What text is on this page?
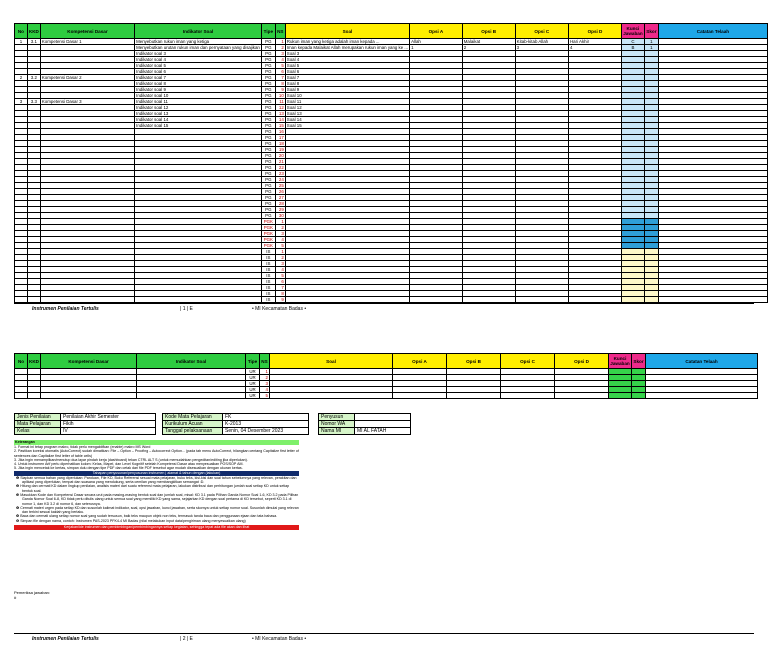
No	KKD	Kompetensi Dasar	Indikator Soal	Tipe	NS	Soal	Opsi A	Opsi B	Opsi C	Opsi D	Kunci Jawaban	Skor	Catatan Telaah
1	3.1	Kompetensi Dasar 1	Menyebutkan rukun iman yang ketiga	PG	1	Rukun iman yang ketiga adalah iman kepada ...	Allah	Malaikat	Kitab-kitab Allah	Hari Akhir	C	1	
			Menyebutkan urutan rukun iman dan pernyataan yang disajikan	PG	2	Iman kepada Malaikat Allah merupakan rukun iman yang ke ...	1	2	3	4	B	1	
			Indikator soal 3	PG	3	Soal 3							
			Indikator soal 4	PG	4	Soal 4							
			Indikator soal 5	PG	5	Soal 5							
			Indikator soal 6	PG	6	Soal 6							
2	3.2	Kompetensi Dasar 2	Indikator soal 7	PG	7	Soal 7							
			Indikator soal 8	PG	8	Soal 8							
			Indikator soal 9	PG	9	Soal 9							
			Indikator soal 10	PG	10	Soal 10							
3	3.3	Kompetensi Dasar 3	Indikator soal 11	PG	11	Soal 11							
			Indikator soal 12	PG	12	Soal 12							
			Indikator soal 13	PG	13	Soal 13							
			Indikator soal 14	PG	14	Soal 14							
			Indikator soal 15	PG	15	Soal 15							
				PG	16								
				PG	17								
				PG	18								
				PG	19								
				PG	20								
				PG	21								
				PG	22								
				PG	23								
				PG	24								
				PG	25								
				PG	26								
				PG	27								
				PG	28								
				PG	29								
				PG	30								
				PGK	1								
				PGK	2								
				PGK	3								
				PGK	4								
				PGK	5								
				IS	1								
				IS	2								
				IS	3								
				IS	4								
				IS	5								
				IS	6								
				IS	7								
				IS	8								
				IS	9								
Instrumen Penilaian Tertulis	| 1 | E	• MI Kecamatan Badas •
No	KKD	Kompetensi Dasar	Indikator Soal	Tipe	NS	Soal	Opsi A	Opsi B	Opsi C	Opsi D	Kunci Jawaban	Skor	Catatan Telaah
				UR	1								
				UR	2								
				UR	3								
				UR	4								
				UR	5								
Jenis Penilaian	Penilaian Akhir Semester
Mata Pelajaran	Fikih
Kelas	IV
Kode Mata Pelajaran	FK
Kurikulum Acuan	K-2013
Tanggal pelaksanaan	Senin, 04 Desember 2023
Penyusun	
Nomor WA	
Nama MI	MI AL FATAH
Keterangan
1. Format ini tetap program makro, tidak perlu mengaktifkan (enable) makro MS Word
2. Pastikan koreksi otomatis (AutoCorrect) sudah dimatikan: File – Option – Proofing – Autocorrect Option... (pada tab menu AutoCorrect, hilangkan centang Capitalize first letter of sentences dan Capitalize first letter of table cells)
3. Jika ingin menampilkan/menutup dua layar pindah kerja (dashboard) tekan CTRL ALT S (untuk memudahkan pengeditan/editing jika diperlukan).
4. Untuk instrumen Arif perlu diperhatikan kolom: Kelas, Mapel, dan Level Kognitif setelah Kompetensi Dasar atau menyesuaikan POS/SOP AM.
5. Jika ingin mencetak ke kertas, simpan dulu dengan tipe PDF dan cetak dari file PDF tersebut agar mudah disesuaikan dengan ukuran kertas.
Tahapan penyusunan/penyusunan instrumen | alamat & tahun dengan (lakukan)
❶ Siapkan semua bahan yang diperlukan: Panduan, File KD, Buku Referensi sesuai mata pelajaran, buku teks, kisi-kisi dan soal tahun sebelumnya yang relevan, perakitan dan aplikasi yang diperlukan, tempat dan suasana yang mendukung, serta cemilan yang membangkitkan semangat :D.
❷ Hitung dan cermati KD dalam lingkup penilaian, analisis materi dari suatu referensi mata pelajaran, lakukan distribusi dan perhitungan jumlah soal setiap KD untuk setiap bentuk soal.
❸ Masukkan Kode dan Kompetensi Dasar secara urut pada masing-masing bentuk soal dan jumlah soal, misal: KD 3.1 pada Pilihan Ganda Nomor Soal 1-6, KD 3.2 pada Pilihan Ganda Nomor Soal 6-8, KD tidak perlu ditulis ulang untuk semua soal yang memiliki KD yang sama, sejajarkan KD dengan soal pertama di KD tersebut, seperti KD 3.1 di nomor 1, dan KD 3.2 di nomor 6, dan seterusnya.
❹ Cermati materi urgen pada setiap KD dan susunlah kalimat indikator, soal, opsi jawaban, kunci jawaban, serta skornya untuk setiap nomor soal. Susunlah dimulai yang relevan dan terkini sesuai kaidah yang berlaku.
❺ Baca dan cermati ulang setiap nomor soal yang sudah tersusun, baik teks maupun objek non teks, termasuk tanda baca dan penggunaan ejaan dan tata bahasa.
❻ Simpan file dengan nama, contoh: Instrumen PAS-2023 PFK4-4 MI Badas (nilai melakukan input data/pengiriman ulang menyesuaikan ulang)
Kerjakan/ide instrumen dan pembimbingan/pembimbingannya setiap kegiatan, sehingga tepat ada file akan dan lihat
Pemeriksa jawaban:
#
Instrumen Penilaian Tertulis	| 2 | E	• MI Kecamatan Badas •
